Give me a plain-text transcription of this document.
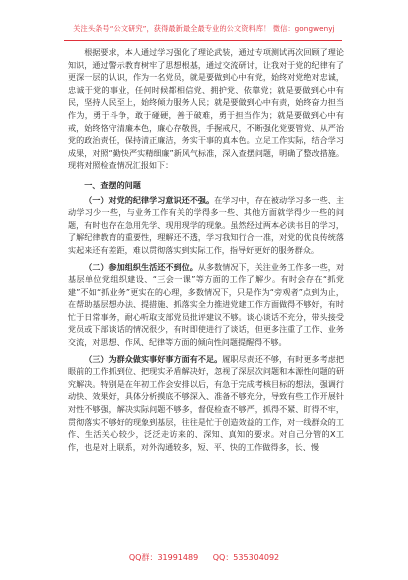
关注头条号“公文研究”，获得最新最全最专业的公文资料库！ 微信：gongwenyj

根据要求，本人通过学习强化了理论武装，通过专项测试再次回顾了理论知识，通过警示教育树牢了思想根基，通过交流研讨，让我对于党的纪律有了更深一层的认识，作为一名党员，就是要做到心中有党，始终对党绝对忠诚，忠诚于党的事业，任何时候都相信党、拥护党、依靠党；就是要做到心中有民，坚持人民至上，始终倾力服务人民；就是要做到心中有责，始终奋力担当作为，勇于斗争，敢于碰硬，善于破难，勇于担当作为；就是要做到心中有戒，始终恪守清廉本色，廉心存敬畏，手握戒尺，不断强化党要管党、从严治党的政治责任，保持清正廉洁，务实干事的真本色。立足工作实际，结合学习成果，对照“勤快严实精细廉”新风气标准，深入查摆问题，明确了整改措施。现将对照检查情况汇报如下：

一、查摆的问题

（一）对党的纪律学习意识还不强。在学习中，存在被动学习多一些、主动学习少一些，与业务工作有关的学得多一些、其他方面就学得少一些的问题，有时也存在急用先学、现用现学的现象。虽然经过两本必读书目的学习，了解纪律教育的重要性，理解还不透，学习我知行合一准，对党的优良传统落实起来还有差距，难以贯彻落实到实际工作，指导好更好的服务群众。

（二）参加组织生活还不到位。从多数情况下，关注业务工作多一些，对基层单位党组织建设、“三会一课”等方面的工作了解少。有时会存在“抓党建”不如“抓业务”更实在的心理，多数情况下，只是作为“旁观者”点到为止，在帮助基层想办法、提措施、抓落实全力推进党建工作方面做得不够好，有时忙于日常事务，耐心听取支部党员批评建议不够。谈心谈话不充分，带头接受党员或下部谈话的情况很少，有时即使进行了谈话，但更多注重了工作、业务交流，对思想、作风、纪律等方面的倾向性问题提醒得不够。

（三）为群众做实事好事方面有不足。履职尽责还不够，有时更多考虑把眼前的工作抓到位、把现实矛盾解决好，忽视了深层次问题和本源性问题的研究解决。特别是在年初工作会安排以后，有急于完成考核目标的想法，强调行动快、效果好，具体分析摸底不够深入、准备不够充分，导致有些工作开展针对性不够强，解决实际问题不够多，督促检查不够严，抓得不紧、盯得不牢，贯彻落实不够好的现象到基层，往往是忙于创造效益的工作，对一线群众的工作、生活关心较少，泛泛走访来的、深知、真知的要求。对自己分管的X工作，也是对上联系，对外沟通较多，短、平、快的工作做得多，长、慢

QQ群：31991489 QQ：535304092
